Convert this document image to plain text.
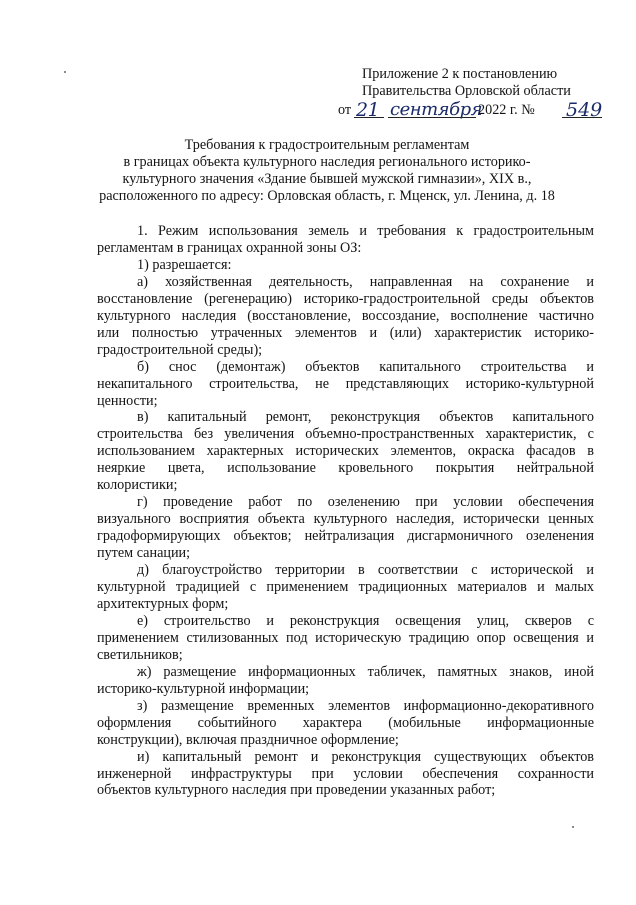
Приложение 2 к постановлению
Правительства Орловской области
от 21 сентября
2022 г. № 549
Требования к градостроительным регламентам
в границах объекта культурного наследия регионального историко-
культурного значения «Здание бывшей мужской гимназии», XIX в.,
расположенного по адресу: Орловская область, г. Мценск, ул. Ленина, д. 18
1. Режим использования земель и требования к градостроительным
регламентам в границах охранной зоны ОЗ:
1) разрешается:
а) хозяйственная деятельность, направленная на сохранение и
восстановление (регенерацию) историко-градостроительной среды объектов
культурного наследия (восстановление, воссоздание, восполнение частично
или полностью утраченных элементов и (или) характеристик историко-
градостроительной среды);
б) снос (демонтаж) объектов капитального строительства и
некапитального строительства, не представляющих историко-культурной
ценности;
в) капитальный ремонт, реконструкция объектов капитального
строительства без увеличения объемно-пространственных характеристик, с
использованием характерных исторических элементов, окраска фасадов в
неяркие цвета, использование кровельного покрытия нейтральной
колористики;
г) проведение работ по озеленению при условии обеспечения
визуального восприятия объекта культурного наследия, исторически ценных
градоформирующих объектов; нейтрализация дисгармоничного озеленения
путем санации;
д) благоустройство территории в соответствии с исторической и
культурной традицией с применением традиционных материалов и малых
архитектурных форм;
е) строительство и реконструкция освещения улиц, скверов с
применением стилизованных под историческую традицию опор освещения и
светильников;
ж) размещение информационных табличек, памятных знаков, иной
историко-культурной информации;
з) размещение временных элементов информационно-декоративного
оформления событийного характера (мобильные информационные
конструкции), включая праздничное оформление;
и) капитальный ремонт и реконструкция существующих объектов
инженерной инфраструктуры при условии обеспечения сохранности
объектов культурного наследия при проведении указанных работ;
